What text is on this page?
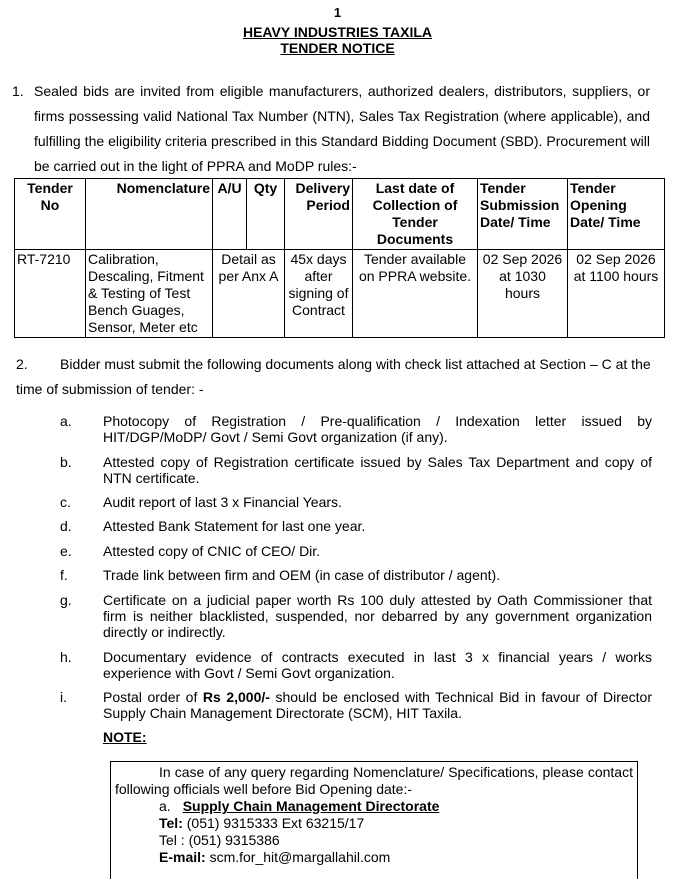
1
HEAVY INDUSTRIES TAXILA
TENDER NOTICE
1. Sealed bids are invited from eligible manufacturers, authorized dealers, distributors, suppliers, or firms possessing valid National Tax Number (NTN), Sales Tax Registration (where applicable), and fulfilling the eligibility criteria prescribed in this Standard Bidding Document (SBD). Procurement will be carried out in the light of PPRA and MoDP rules:-
Tender No	Nomenclature	A/U	Qty	Delivery Period	Last date of Collection of Tender Documents	Tender Submission Date/ Time	Tender Opening Date/ Time
RT-7210	Calibration, Descaling, Fitment & Testing of Test Bench Guages, Sensor, Meter etc	Detail as per Anx A		45x days after signing of Contract	Tender available on PPRA website.	02 Sep 2026 at 1030 hours	02 Sep 2026 at 1100 hours
2.	Bidder must submit the following documents along with check list attached at Section – C at the time of submission of tender: -
a. Photocopy of Registration / Pre-qualification / Indexation letter issued by HIT/DGP/MoDP/ Govt / Semi Govt organization (if any).
b. Attested copy of Registration certificate issued by Sales Tax Department and copy of NTN certificate.
c. Audit report of last 3 x Financial Years.
d. Attested Bank Statement for last one year.
e. Attested copy of CNIC of CEO/ Dir.
f.	Trade link between firm and OEM (in case of distributor / agent).
g. Certificate on a judicial paper worth Rs 100 duly attested by Oath Commissioner that firm is neither blacklisted, suspended, nor debarred by any government organization directly or indirectly.
h. Documentary evidence of contracts executed in last 3 x financial years / works experience with Govt / Semi Govt organization.
i.	Postal order of Rs 2,000/- should be enclosed with Technical Bid in favour of Director Supply Chain Management Directorate (SCM), HIT Taxila.
NOTE:
In case of any query regarding Nomenclature/ Specifications, please contact following officials well before Bid Opening date:-
a. Supply Chain Management Directorate
Tel: (051) 9315333 Ext 63215/17
Tel : (051) 9315386
E-mail: scm.for_hit@margallahil.com
